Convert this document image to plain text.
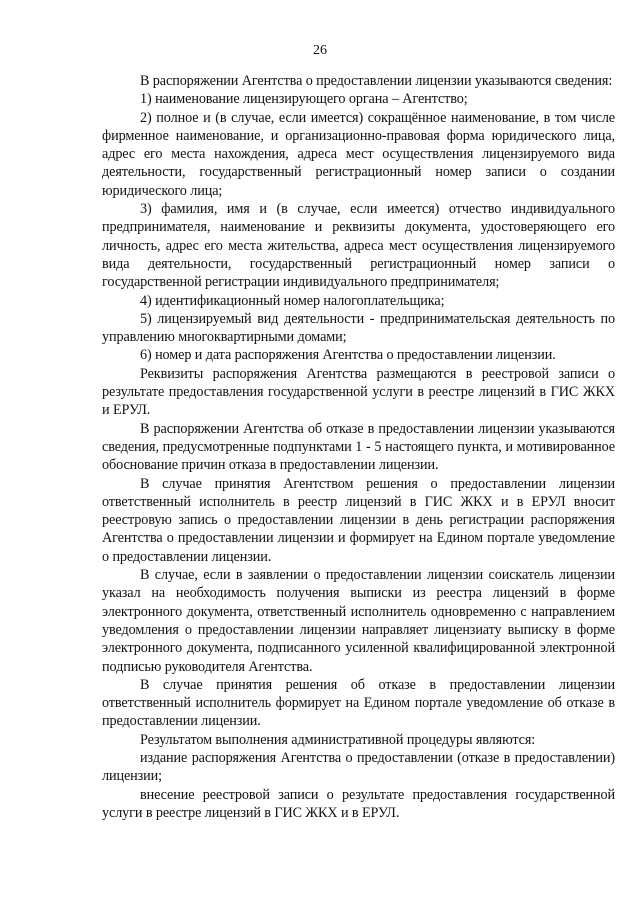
26

В распоряжении Агентства о предоставлении лицензии указываются сведения:

1) наименование лицензирующего органа – Агентство;

2) полное и (в случае, если имеется) сокращённое наименование, в том числе фирменное наименование, и организационно-правовая форма юридического лица, адрес его места нахождения, адреса мест осуществления лицензируемого вида деятельности, государственный регистрационный номер записи о создании юридического лица;

3) фамилия, имя и (в случае, если имеется) отчество индивидуального предпринимателя, наименование и реквизиты документа, удостоверяющего его личность, адрес его места жительства, адреса мест осуществления лицензируемого вида деятельности, государственный регистрационный номер записи о государственной регистрации индивидуального предпринимателя;

4) идентификационный номер налогоплательщика;

5) лицензируемый вид деятельности - предпринимательская деятельность по управлению многоквартирными домами;

6) номер и дата распоряжения Агентства о предоставлении лицензии.

Реквизиты распоряжения Агентства размещаются в реестровой записи о результате предоставления государственной услуги в реестре лицензий в ГИС ЖКХ и ЕРУЛ.

В распоряжении Агентства об отказе в предоставлении лицензии указываются сведения, предусмотренные подпунктами 1 - 5 настоящего пункта, и мотивированное обоснование причин отказа в предоставлении лицензии.

В случае принятия Агентством решения о предоставлении лицензии ответственный исполнитель в реестр лицензий в ГИС ЖКХ и в ЕРУЛ вносит реестровую запись о предоставлении лицензии в день регистрации распоряжения Агентства о предоставлении лицензии и формирует на Едином портале уведомление о предоставлении лицензии.

В случае, если в заявлении о предоставлении лицензии соискатель лицензии указал на необходимость получения выписки из реестра лицензий в форме электронного документа, ответственный исполнитель одновременно с направлением уведомления о предоставлении лицензии направляет лицензиату выписку в форме электронного документа, подписанного усиленной квалифицированной электронной подписью руководителя Агентства.

В случае принятия решения об отказе в предоставлении лицензии ответственный исполнитель формирует на Едином портале уведомление об отказе в предоставлении лицензии.

Результатом выполнения административной процедуры являются:

издание распоряжения Агентства о предоставлении (отказе в предоставлении) лицензии;

внесение реестровой записи о результате предоставления государственной услуги в реестре лицензий в ГИС ЖКХ и в ЕРУЛ.
